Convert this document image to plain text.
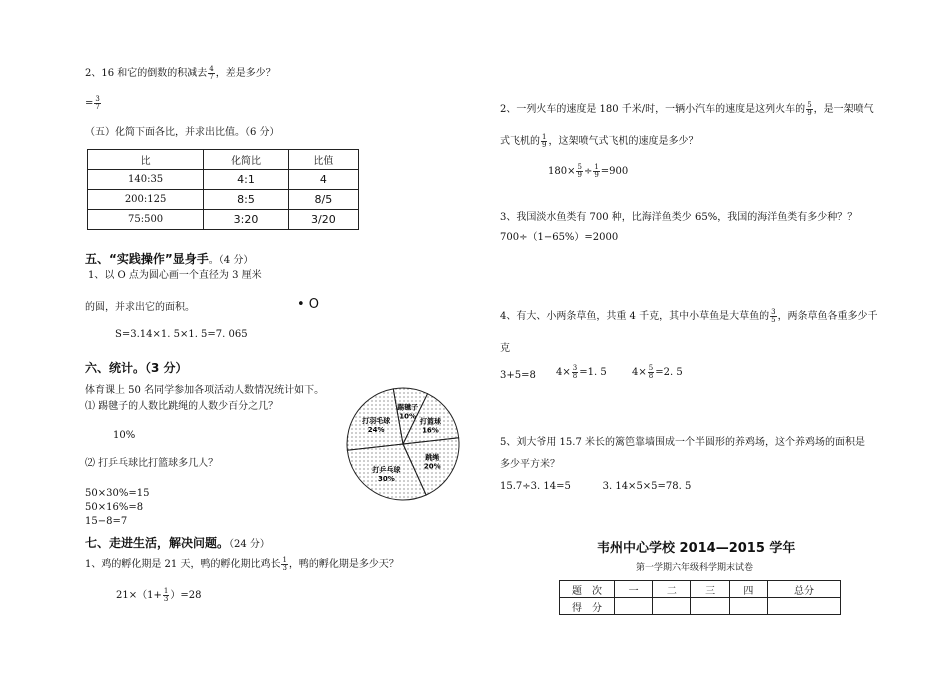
2、16 和它的倒数的积减去 $\frac{4}{7}$ ，差是多少？
= $\frac{3}{7}$
（五）化简下面各比，并求出比值。（6 分）
比	化简比	比值
140:35	4:1	4
200:125	8:5	8/5
75:500	3:20	3/20
五、“实践操作”显身手。（4 分）
1、以 O 点为圆心画一个直径为 3 厘米
的圆，并求出它的面积。	• O
S=3.14×1. 5×1. 5=7. 065
六、统计。（3 分）
体育课上 50 名同学参加各项活动人数情况统计如下。
⑴ 踢毽子的人数比跳绳的人数少百分之几？
10%
⑵ 打乒乓球比打篮球多几人？
50×30%=15
50×16%=8
15−8=7
踢毽子
10%
打篮球
16%
跳绳
20%
打乒乓球
30%
打羽毛球
24%
七、走进生活，解决问题。（24 分）
1、鸡的孵化期是 21 天，鸭的孵化期比鸡长 $\frac{1}{3}$ ，鸭的孵化期是多少天？
$21\times(1+ \frac{1}{3} )=28$
2、一列火车的速度是 180 千米/时，一辆小汽车的速度是这列火车的 $\frac{5}{9}$ ，是一架喷气
式飞机的 $\frac{1}{9}$ ，这架喷气式飞机的速度是多少？
$180\times \frac{5}{9} \div \frac{1}{9} =900$
3、我国淡水鱼类有 700 种，比海洋鱼类少 65%，我国的海洋鱼类有多少种？？
700÷（1−65%）=2000
4、有大、小两条草鱼，共重 4 千克，其中小草鱼是大草鱼的 $\frac{3}{5}$ ，两条草鱼各重多少千
克
3+5=8 $4\times \frac{3}{8} =1$. 5	$4\times \frac{5}{8} =2$. 5
5、刘大爷用 15.7 米长的篱笆靠墙围成一个半圆形的养鸡场，这个养鸡场的面积是
多少平方米？
15.7÷3. 14=5          3. 14×5×5=78. 5
韦州中心学校 2014—2015 学年
第一学期六年级科学期末试卷
题　次	一	二	三	四	总分
得　分					
